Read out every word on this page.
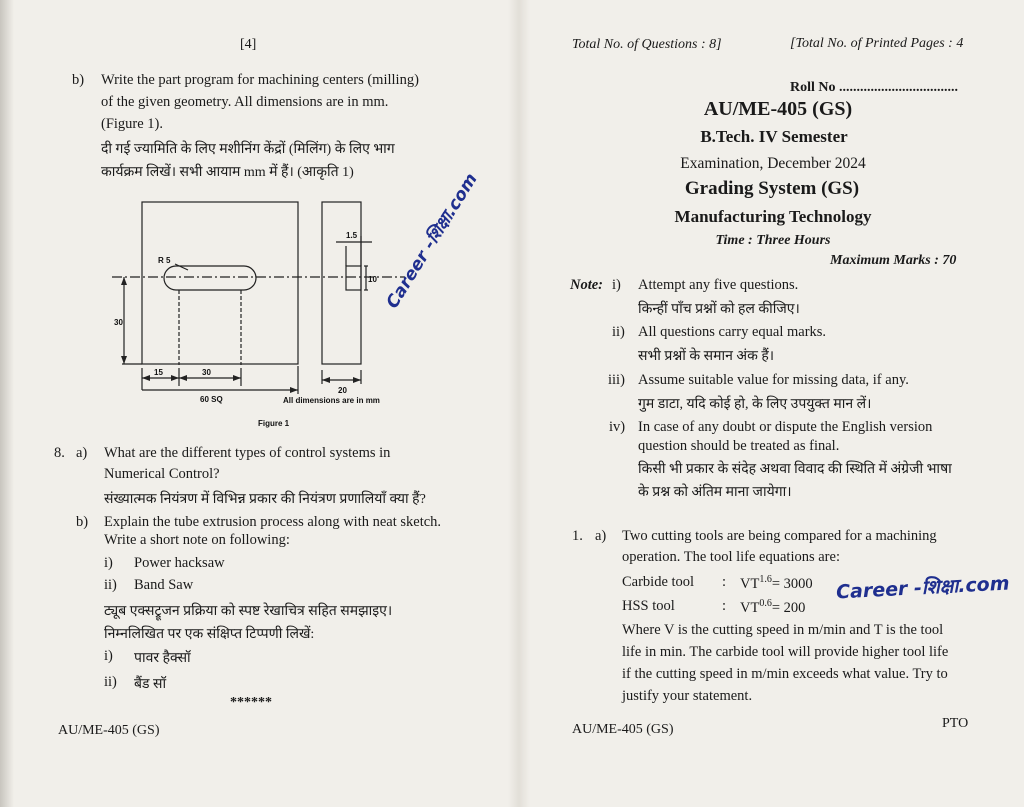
[4]
b) Write the part program for machining centers (milling)
of the given geometry. All dimensions are in mm.
(Figure 1).
दी गई ज्यामिति के लिए मशीनिंग केंद्रों (मिलिंग) के लिए भाग
कार्यक्रम लिखें। सभी आयाम mm में हैं। (आकृति 1)
R 5
30
15	30
60 SQ
1.5
10
20
All dimensions are in mm
Figure 1
Career -शिक्षा.com
8. a) What are the different types of control systems in
Numerical Control?
संख्यात्मक नियंत्रण में विभिन्न प्रकार की नियंत्रण प्रणालियाँ क्या हैं?
b) Explain the tube extrusion process along with neat sketch.
Write a short note on following:
i) Power hacksaw
ii) Band Saw
ट्यूब एक्सट्रूजन प्रक्रिया को स्पष्ट रेखाचित्र सहित समझाइए।
निम्नलिखित पर एक संक्षिप्त टिप्पणी लिखें:
i) पावर हैक्सॉ
ii) बैंड सॉ
******
AU/ME-405 (GS)
Total No. of Questions : 8]	[Total No. of Printed Pages : 4
Roll No ..................................
AU/ME-405 (GS)
B.Tech. IV Semester
Examination, December 2024
Grading System (GS)
Manufacturing Technology
Time : Three Hours
Maximum Marks : 70
Note: i) Attempt any five questions.
किन्हीं पाँच प्रश्नों को हल कीजिए।
ii) All questions carry equal marks.
सभी प्रश्नों के समान अंक हैं।
iii) Assume suitable value for missing data, if any.
गुम डाटा, यदि कोई हो, के लिए उपयुक्त मान लें।
iv) In case of any doubt or dispute the English version
question should be treated as final.
किसी भी प्रकार के संदेह अथवा विवाद की स्थिति में अंग्रेजी भाषा
के प्रश्न को अंतिम माना जायेगा।
1. a) Two cutting tools are being compared for a machining
operation. The tool life equations are:
Carbide tool : $VT^{1.6}= 3000$
HSS tool	: $VT^{0.6}= 200$
Career -शिक्षा.com
Where V is the cutting speed in m/min and T is the tool
life in min. The carbide tool will provide higher tool life
if the cutting speed in m/min exceeds what value. Try to
justify your statement.
AU/ME-405 (GS)	PTO
